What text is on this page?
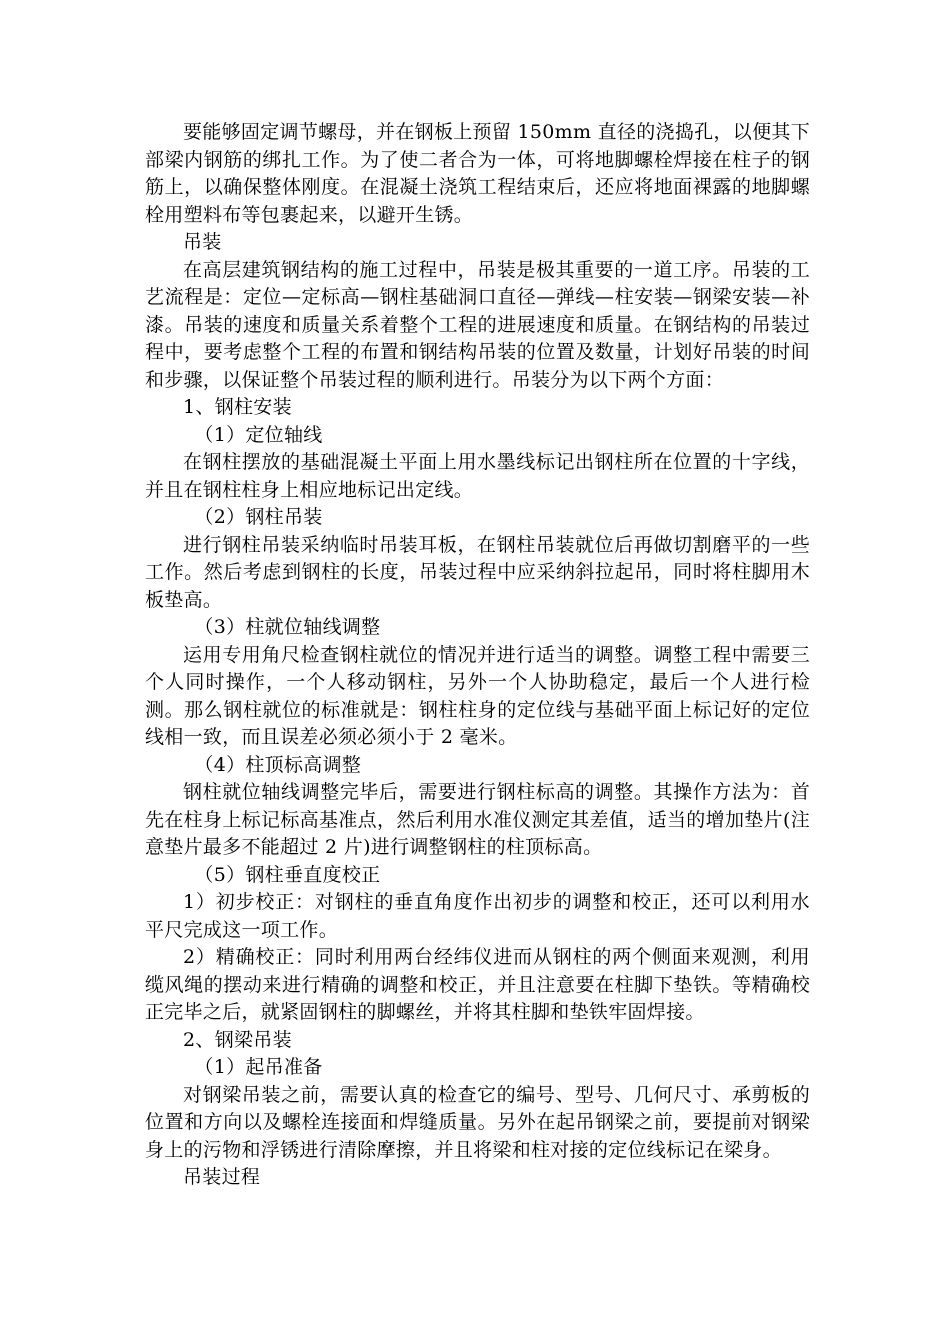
要能够固定调节螺母，并在钢板上预留 150mm 直径的浇捣孔，以便其下部梁内钢筋的绑扎工作。为了使二者合为一体，可将地脚螺栓焊接在柱子的钢筋上，以确保整体刚度。在混凝土浇筑工程结束后，还应将地面裸露的地脚螺栓用塑料布等包裹起来，以避开生锈。

吊装

在高层建筑钢结构的施工过程中，吊装是极其重要的一道工序。吊装的工艺流程是：定位—定标高—钢柱基础洞口直径—弹线—柱安装—钢梁安装—补漆。吊装的速度和质量关系着整个工程的进展速度和质量。在钢结构的吊装过程中，要考虑整个工程的布置和钢结构吊装的位置及数量，计划好吊装的时间和步骤，以保证整个吊装过程的顺利进行。吊装分为以下两个方面：

1、钢柱安装

（1）定位轴线

在钢柱摆放的基础混凝土平面上用水墨线标记出钢柱所在位置的十字线，并且在钢柱柱身上相应地标记出定线。

（2）钢柱吊装

进行钢柱吊装采纳临时吊装耳板，在钢柱吊装就位后再做切割磨平的一些工作。然后考虑到钢柱的长度，吊装过程中应采纳斜拉起吊，同时将柱脚用木板垫高。

（3）柱就位轴线调整

运用专用角尺检查钢柱就位的情况并进行适当的调整。调整工程中需要三个人同时操作，一个人移动钢柱，另外一个人协助稳定，最后一个人进行检测。那么钢柱就位的标准就是：钢柱柱身的定位线与基础平面上标记好的定位线相一致，而且误差必须必须小于 2 毫米。

（4）柱顶标高调整

钢柱就位轴线调整完毕后，需要进行钢柱标高的调整。其操作方法为：首先在柱身上标记标高基准点，然后利用水准仪测定其差值，适当的增加垫片(注意垫片最多不能超过 2 片)进行调整钢柱的柱顶标高。

（5）钢柱垂直度校正

1）初步校正：对钢柱的垂直角度作出初步的调整和校正，还可以利用水平尺完成这一项工作。

2）精确校正：同时利用两台经纬仪进而从钢柱的两个侧面来观测，利用缆风绳的摆动来进行精确的调整和校正，并且注意要在柱脚下垫铁。等精确校正完毕之后，就紧固钢柱的脚螺丝，并将其柱脚和垫铁牢固焊接。

2、钢梁吊装

（1）起吊准备

对钢梁吊装之前，需要认真的检查它的编号、型号、几何尺寸、承剪板的位置和方向以及螺栓连接面和焊缝质量。另外在起吊钢梁之前，要提前对钢梁身上的污物和浮锈进行清除摩擦，并且将梁和柱对接的定位线标记在梁身。

吊装过程
